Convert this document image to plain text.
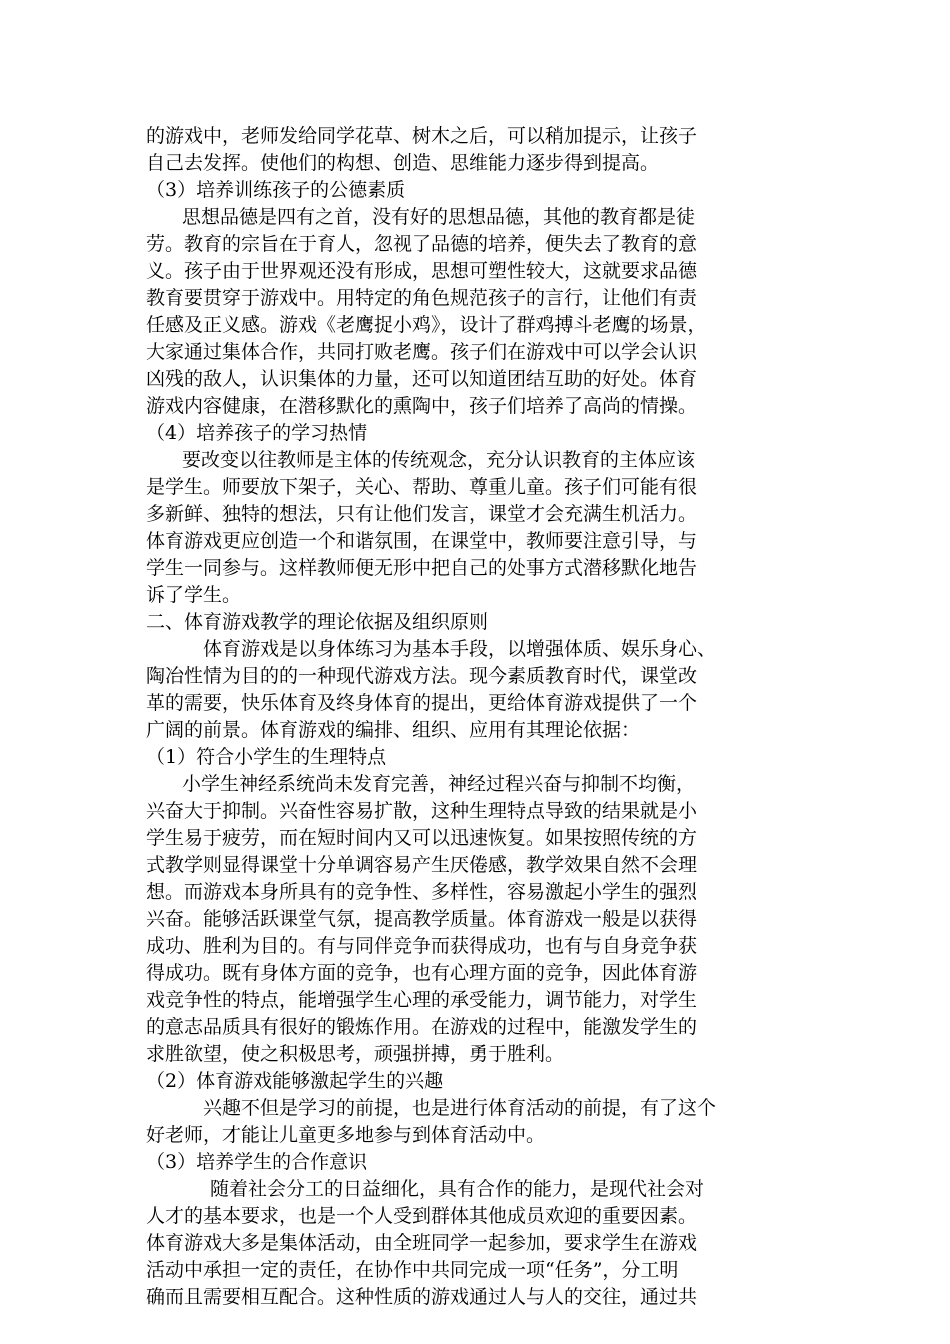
的游戏中，老师发给同学花草、树木之后，可以稍加提示，让孩子
自己去发挥。使他们的构想、创造、思维能力逐步得到提高。
（3）培养训练孩子的公德素质
思想品德是四有之首，没有好的思想品德，其他的教育都是徒
劳。教育的宗旨在于育人，忽视了品德的培养，便失去了教育的意
义。孩子由于世界观还没有形成，思想可塑性较大，这就要求品德
教育要贯穿于游戏中。用特定的角色规范孩子的言行，让他们有责
任感及正义感。游戏《老鹰捉小鸡》，设计了群鸡搏斗老鹰的场景，
大家通过集体合作，共同打败老鹰。孩子们在游戏中可以学会认识
凶残的敌人，认识集体的力量，还可以知道团结互助的好处。体育
游戏内容健康，在潜移默化的熏陶中，孩子们培养了高尚的情操。
（4）培养孩子的学习热情
要改变以往教师是主体的传统观念，充分认识教育的主体应该
是学生。师要放下架子，关心、帮助、尊重儿童。孩子们可能有很
多新鲜、独特的想法，只有让他们发言，课堂才会充满生机活力。
体育游戏更应创造一个和谐氛围，在课堂中，教师要注意引导，与
学生一同参与。这样教师便无形中把自己的处事方式潜移默化地告
诉了学生。
二、体育游戏教学的理论依据及组织原则
体育游戏是以身体练习为基本手段，以增强体质、娱乐身心、
陶冶性情为目的的一种现代游戏方法。现今素质教育时代，课堂改
革的需要，快乐体育及终身体育的提出，更给体育游戏提供了一个
广阔的前景。体育游戏的编排、组织、应用有其理论依据：
（1）符合小学生的生理特点
小学生神经系统尚未发育完善，神经过程兴奋与抑制不均衡，
兴奋大于抑制。兴奋性容易扩散，这种生理特点导致的结果就是小
学生易于疲劳，而在短时间内又可以迅速恢复。如果按照传统的方
式教学则显得课堂十分单调容易产生厌倦感，教学效果自然不会理
想。而游戏本身所具有的竞争性、多样性，容易激起小学生的强烈
兴奋。能够活跃课堂气氛，提高教学质量。体育游戏一般是以获得
成功、胜利为目的。有与同伴竞争而获得成功，也有与自身竞争获
得成功。既有身体方面的竞争，也有心理方面的竞争，因此体育游
戏竞争性的特点，能增强学生心理的承受能力，调节能力，对学生
的意志品质具有很好的锻炼作用。在游戏的过程中，能激发学生的
求胜欲望，使之积极思考，顽强拼搏，勇于胜利。
（2）体育游戏能够激起学生的兴趣
兴趣不但是学习的前提，也是进行体育活动的前提，有了这个
好老师，才能让儿童更多地参与到体育活动中。
（3）培养学生的合作意识
随着社会分工的日益细化，具有合作的能力，是现代社会对
人才的基本要求，也是一个人受到群体其他成员欢迎的重要因素。
体育游戏大多是集体活动，由全班同学一起参加，要求学生在游戏
活动中承担一定的责任，在协作中共同完成一项“任务”，分工明
确而且需要相互配合。这种性质的游戏通过人与人的交往，通过共
